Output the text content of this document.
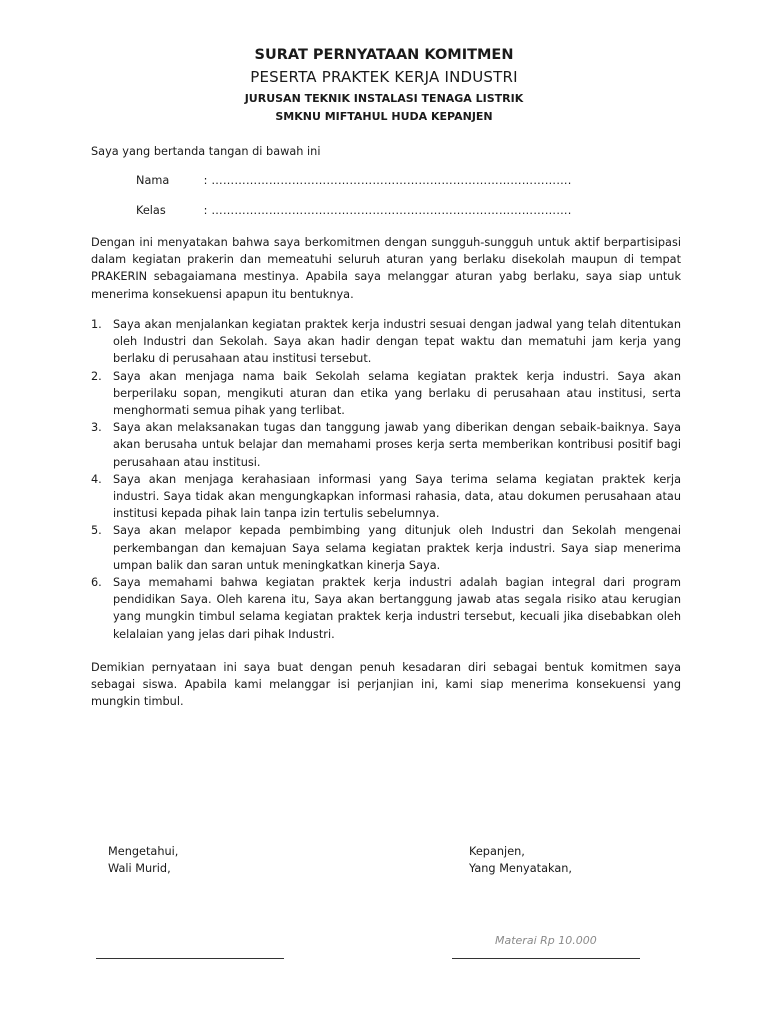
SURAT PERNYATAAN KOMITMEN
PESERTA PRAKTEK KERJA INDUSTRI
JURUSAN TEKNIK INSTALASI TENAGA LISTRIK
SMKNU MIFTAHUL HUDA KEPANJEN
Saya yang bertanda tangan di bawah ini
Nama	: ………………………………………………………………………………….
Kelas	: ………………………………………………………………………………….
Dengan ini menyatakan bahwa saya berkomitmen dengan sungguh-sungguh untuk aktif berpartisipasi dalam kegiatan prakerin dan memeatuhi seluruh aturan yang berlaku disekolah maupun di tempat PRAKERIN sebagaiamana mestinya. Apabila saya melanggar aturan yabg berlaku, saya siap untuk menerima konsekuensi apapun itu bentuknya.
1. Saya akan menjalankan kegiatan praktek kerja industri sesuai dengan jadwal yang telah ditentukan oleh Industri dan Sekolah. Saya akan hadir dengan tepat waktu dan mematuhi jam kerja yang berlaku di perusahaan atau institusi tersebut.
2. Saya akan menjaga nama baik Sekolah selama kegiatan praktek kerja industri. Saya akan berperilaku sopan, mengikuti aturan dan etika yang berlaku di perusahaan atau institusi, serta menghormati semua pihak yang terlibat.
3. Saya akan melaksanakan tugas dan tanggung jawab yang diberikan dengan sebaik-baiknya. Saya akan berusaha untuk belajar dan memahami proses kerja serta memberikan kontribusi positif bagi perusahaan atau institusi.
4. Saya akan menjaga kerahasiaan informasi yang Saya terima selama kegiatan praktek kerja industri. Saya tidak akan mengungkapkan informasi rahasia, data, atau dokumen perusahaan atau institusi kepada pihak lain tanpa izin tertulis sebelumnya.
5. Saya akan melapor kepada pembimbing yang ditunjuk oleh Industri dan Sekolah mengenai perkembangan dan kemajuan Saya selama kegiatan praktek kerja industri. Saya siap menerima umpan balik dan saran untuk meningkatkan kinerja Saya.
6. Saya memahami bahwa kegiatan praktek kerja industri adalah bagian integral dari program pendidikan Saya. Oleh karena itu, Saya akan bertanggung jawab atas segala risiko atau kerugian yang mungkin timbul selama kegiatan praktek kerja industri tersebut, kecuali jika disebabkan oleh kelalaian yang jelas dari pihak Industri.
Demikian pernyataan ini saya buat dengan penuh kesadaran diri sebagai bentuk komitmen saya sebagai siswa. Apabila kami melanggar isi perjanjian ini, kami siap menerima konsekuensi yang mungkin timbul.
Mengetahui,
Wali Murid,
Kepanjen,
Yang Menyatakan,
Materai Rp 10.000
